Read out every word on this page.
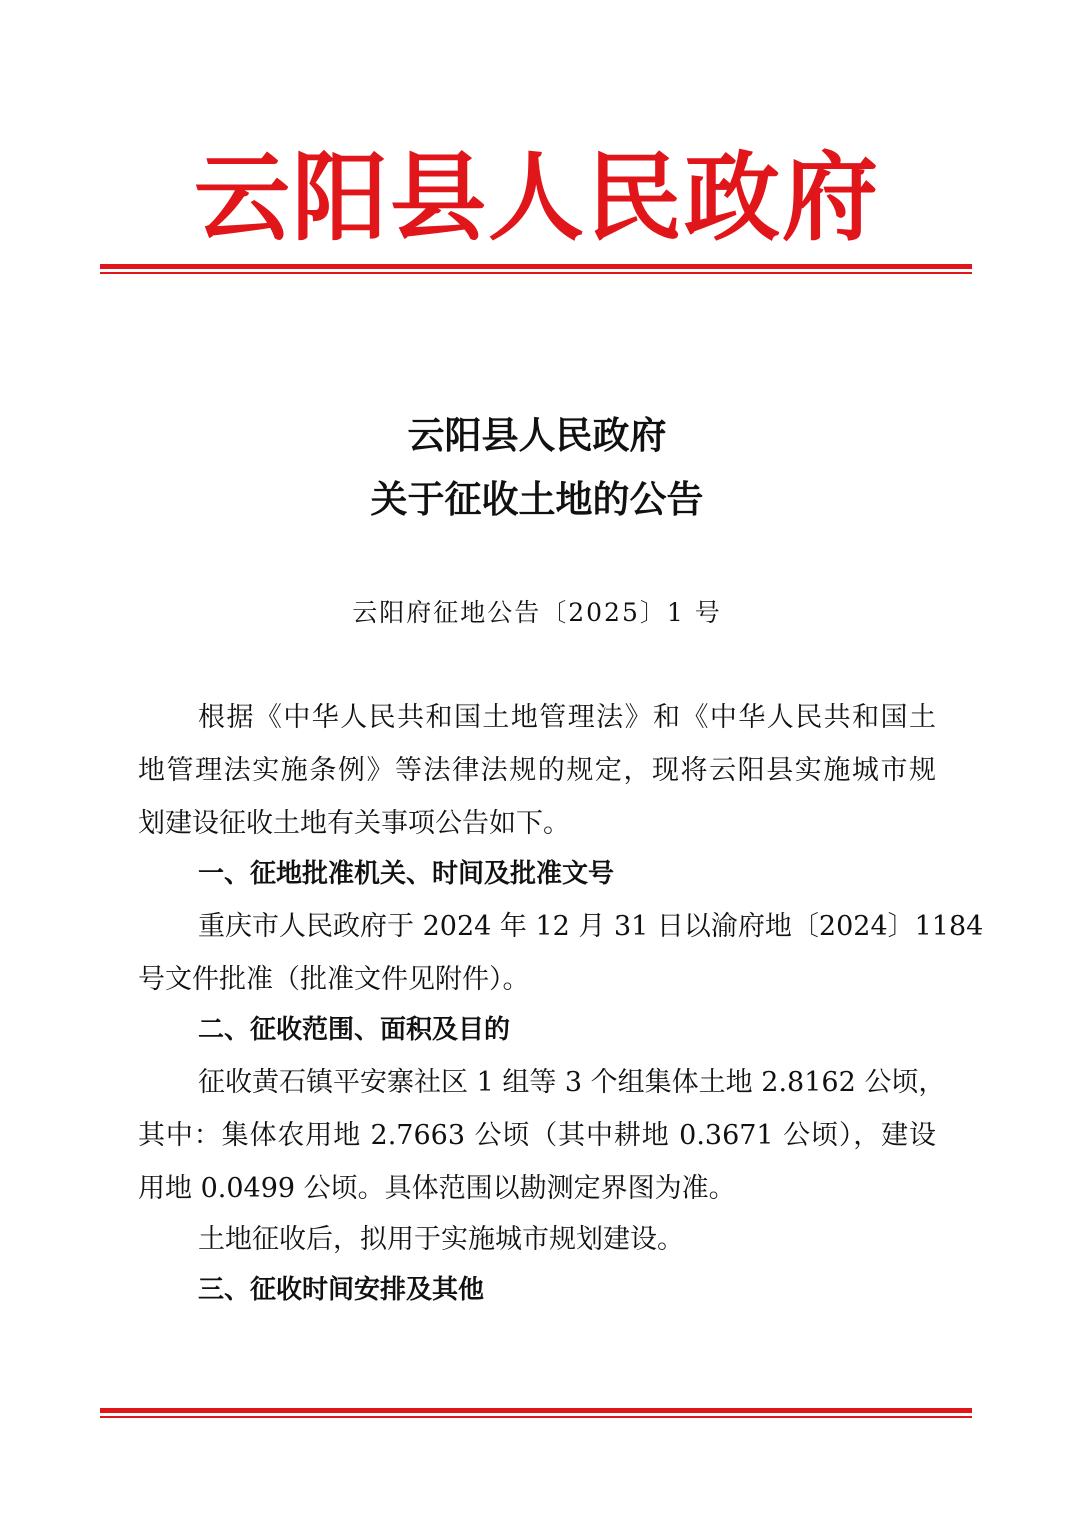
云阳县人民政府
云阳县人民政府
关于征收土地的公告
云阳府征地公告〔2025〕1 号
根据《中华人民共和国土地管理法》和《中华人民共和国土
地管理法实施条例》等法律法规的规定，现将云阳县实施城市规
划建设征收土地有关事项公告如下。
一、征地批准机关、时间及批准文号
重庆市人民政府于 2024 年 12 月 31 日以渝府地〔2024〕1184
号文件批准（批准文件见附件）。
二、征收范围、面积及目的
征收黄石镇平安寨社区 1 组等 3 个组集体土地 2.8162 公顷，
其中：集体农用地 2.7663 公顷（其中耕地 0.3671 公顷），建设
用地 0.0499 公顷。具体范围以勘测定界图为准。
土地征收后，拟用于实施城市规划建设。
三、征收时间安排及其他
